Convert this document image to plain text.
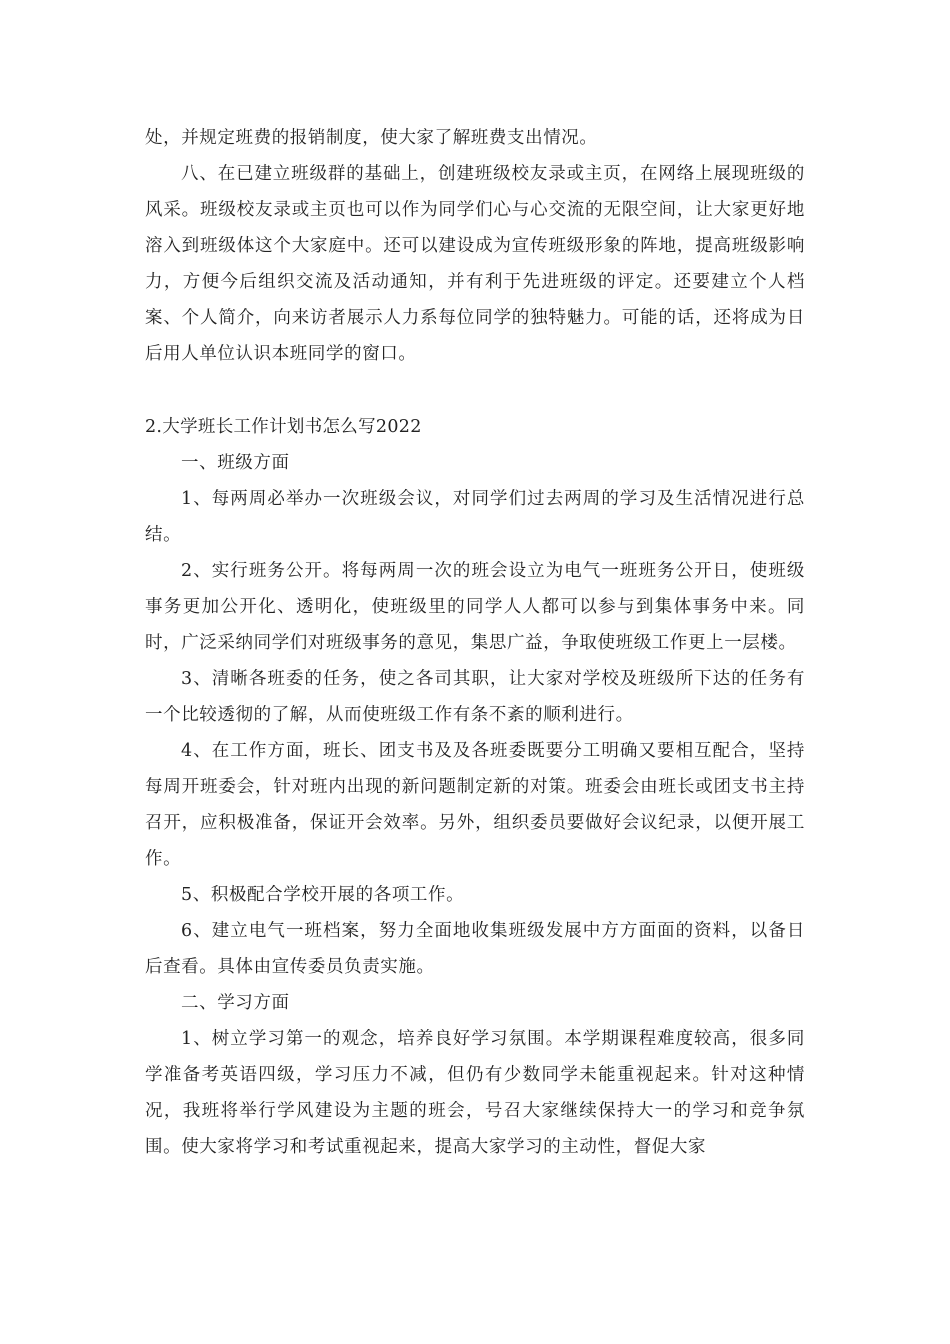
处，并规定班费的报销制度，使大家了解班费支出情况。

八、在已建立班级群的基础上，创建班级校友录或主页，在网络上展现班级的风采。班级校友录或主页也可以作为同学们心与心交流的无限空间，让大家更好地溶入到班级体这个大家庭中。还可以建设成为宣传班级形象的阵地，提高班级影响力，方便今后组织交流及活动通知，并有利于先进班级的评定。还要建立个人档案、个人简介，向来访者展示人力系每位同学的独特魅力。可能的话，还将成为日后用人单位认识本班同学的窗口。

2.大学班长工作计划书怎么写2022

一、班级方面

1、每两周必举办一次班级会议，对同学们过去两周的学习及生活情况进行总结。

2、实行班务公开。将每两周一次的班会设立为电气一班班务公开日，使班级事务更加公开化、透明化，使班级里的同学人人都可以参与到集体事务中来。同时，广泛采纳同学们对班级事务的意见，集思广益，争取使班级工作更上一层楼。

3、清晰各班委的任务，使之各司其职，让大家对学校及班级所下达的任务有一个比较透彻的了解，从而使班级工作有条不紊的顺利进行。

4、在工作方面，班长、团支书及及各班委既要分工明确又要相互配合，坚持每周开班委会，针对班内出现的新问题制定新的对策。班委会由班长或团支书主持召开，应积极准备，保证开会效率。另外，组织委员要做好会议纪录，以便开展工作。

5、积极配合学校开展的各项工作。

6、建立电气一班档案，努力全面地收集班级发展中方方面面的资料，以备日后查看。具体由宣传委员负责实施。

二、学习方面

1、树立学习第一的观念，培养良好学习氛围。本学期课程难度较高，很多同学准备考英语四级，学习压力不减，但仍有少数同学未能重视起来。针对这种情况，我班将举行学风建设为主题的班会，号召大家继续保持大一的学习和竞争氛围。使大家将学习和考试重视起来，提高大家学习的主动性，督促大家
